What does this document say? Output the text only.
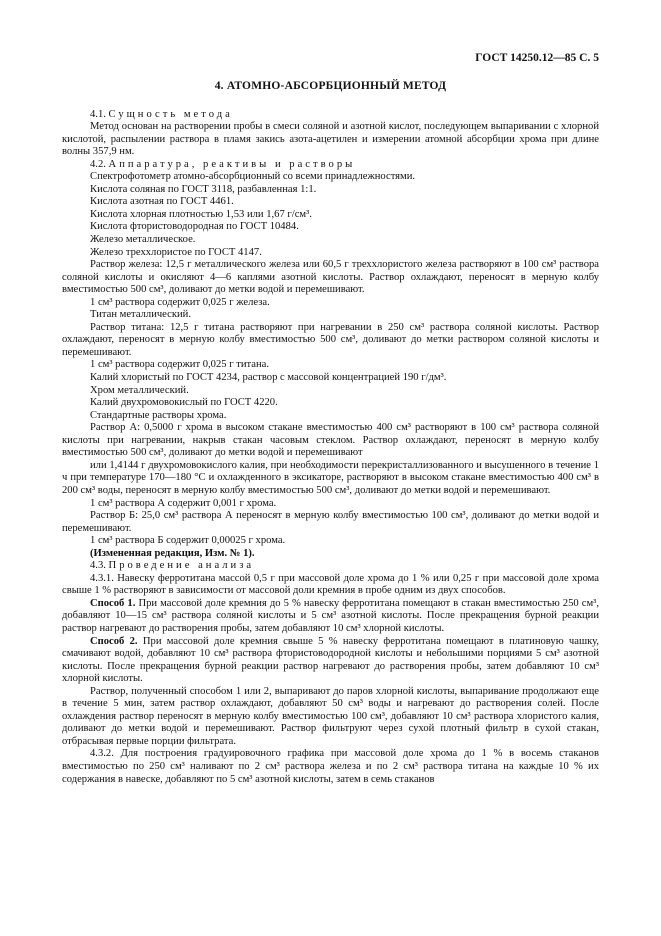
ГОСТ 14250.12—85 С. 5
4. АТОМНО-АБСОРБЦИОННЫЙ МЕТОД

4.1. Сущность метода

Метод основан на растворении пробы в смеси соляной и азотной кислот, последующем выпаривании с хлорной кислотой, распылении раствора в пламя закись азота-ацетилен и измерении атомной абсорбции хрома при длине волны 357,9 нм.

4.2. Аппаратура, реактивы и растворы

Спектрофотометр атомно-абсорбционный со всеми принадлежностями.

Кислота соляная по ГОСТ 3118, разбавленная 1:1.

Кислота азотная по ГОСТ 4461.

Кислота хлорная плотностью 1,53 или 1,67 г/см³.

Кислота фтористоводородная по ГОСТ 10484.

Железо металлическое.

Железо треххлористое по ГОСТ 4147.

Раствор железа: 12,5 г металлического железа или 60,5 г треххлористого железа растворяют в 100 см³ раствора соляной кислоты и окисляют 4—6 каплями азотной кислоты. Раствор охлаждают, переносят в мерную колбу вместимостью 500 см³, доливают до метки водой и перемешивают.

1 см³ раствора содержит 0,025 г железа.

Титан металлический.

Раствор титана: 12,5 г титана растворяют при нагревании в 250 см³ раствора соляной кислоты. Раствор охлаждают, переносят в мерную колбу вместимостью 500 см³, доливают до метки раствором соляной кислоты и перемешивают.

1 см³ раствора содержит 0,025 г титана.

Калий хлористый по ГОСТ 4234, раствор с массовой концентрацией 190 г/дм³.

Хром металлический.

Калий двухромовокислый по ГОСТ 4220.

Стандартные растворы хрома.

Раствор А: 0,5000 г хрома в высоком стакане вместимостью 400 см³ растворяют в 100 см³ раствора соляной кислоты при нагревании, накрыв стакан часовым стеклом. Раствор охлаждают, переносят в мерную колбу вместимостью 500 см³, доливают до метки водой и перемешивают

или 1,4144 г двухромовокислого калия, при необходимости перекристаллизованного и высушенного в течение 1 ч при температуре 170—180 °С и охлажденного в эксикаторе, растворяют в высоком стакане вместимостью 400 см³ в 200 см³ воды, переносят в мерную колбу вместимостью 500 см³, доливают до метки водой и перемешивают.

1 см³ раствора А содержит 0,001 г хрома.

Раствор Б: 25,0 см³ раствора А переносят в мерную колбу вместимостью 100 см³, доливают до метки водой и перемешивают.

1 см³ раствора Б содержит 0,00025 г хрома.

(Измененная редакция, Изм. № 1).

4.3. Проведение анализа

4.3.1. Навеску ферротитана массой 0,5 г при массовой доле хрома до 1 % или 0,25 г при массовой доле хрома свыше 1 % растворяют в зависимости от массовой доли кремния в пробе одним из двух способов.

Способ 1. При массовой доле кремния до 5 % навеску ферротитана помещают в стакан вместимостью 250 см³, добавляют 10—15 см³ раствора соляной кислоты и 5 см³ азотной кислоты. После прекращения бурной реакции раствор нагревают до растворения пробы, затем добавляют 10 см³ хлорной кислоты.

Способ 2. При массовой доле кремния свыше 5 % навеску ферротитана помещают в платиновую чашку, смачивают водой, добавляют 10 см³ раствора фтористоводородной кислоты и небольшими порциями 5 см³ азотной кислоты. После прекращения бурной реакции раствор нагревают до растворения пробы, затем добавляют 10 см³ хлорной кислоты.

Раствор, полученный способом 1 или 2, выпаривают до паров хлорной кислоты, выпаривание продолжают еще в течение 5 мин, затем раствор охлаждают, добавляют 50 см³ воды и нагревают до растворения солей. После охлаждения раствор переносят в мерную колбу вместимостью 100 см³, добавляют 10 см³ раствора хлористого калия, доливают до метки водой и перемешивают. Раствор фильтруют через сухой плотный фильтр в сухой стакан, отбрасывая первые порции фильтрата.

4.3.2. Для построения градуировочного графика при массовой доле хрома до 1 % в восемь стаканов вместимостью по 250 см³ наливают по 2 см³ раствора железа и по 2 см³ раствора титана на каждые 10 % их содержания в навеске, добавляют по 5 см³ азотной кислоты, затем в семь стаканов
